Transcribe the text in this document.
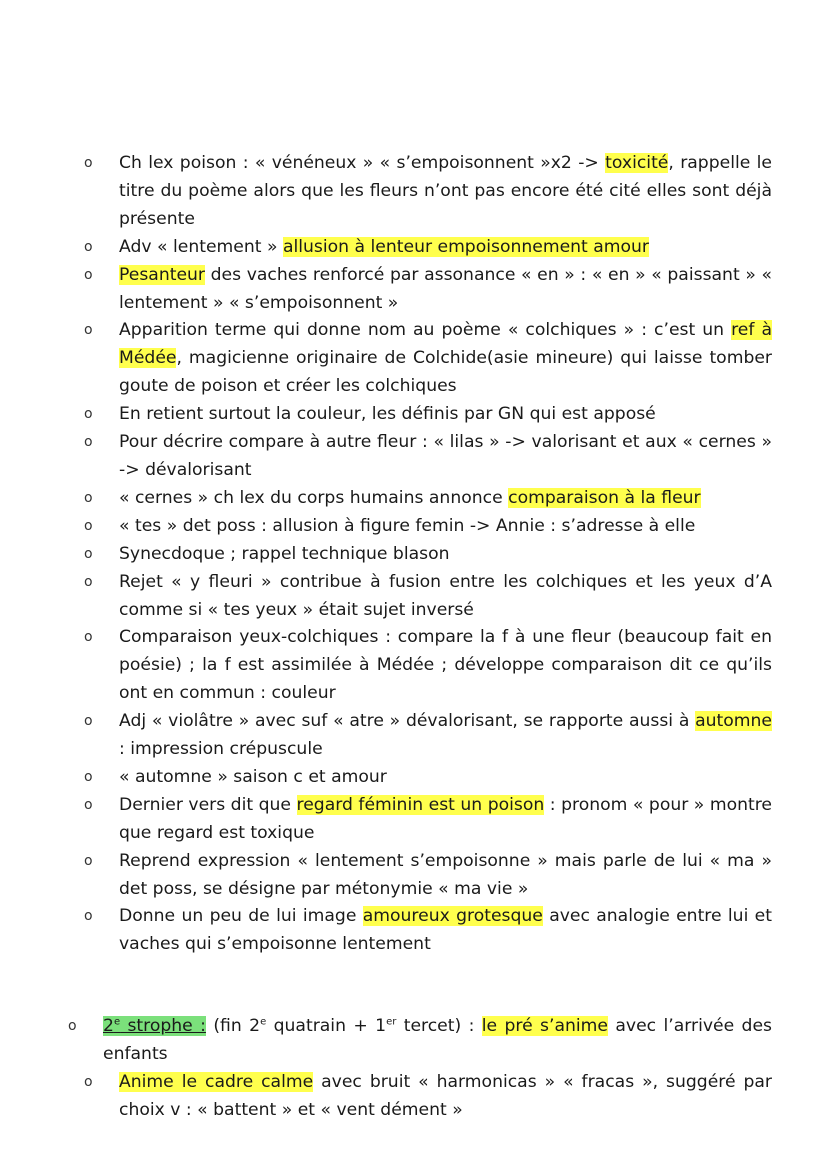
o Ch lex poison : « vénéneux » « s’empoisonnent »x2 -> toxicité, rappelle le titre du poème alors que les fleurs n’ont pas encore été cité elles sont déjà présente
o Adv « lentement » allusion à lenteur empoisonnement amour
o Pesanteur des vaches renforcé par assonance « en » : « en » « paissant » « lentement » « s’empoisonnent »
o Apparition terme qui donne nom au poème « colchiques » : c’est un ref à Médée, magicienne originaire de Colchide(asie mineure) qui laisse tomber goute de poison et créer les colchiques
o En retient surtout la couleur, les définis par GN qui est apposé
o Pour décrire compare à autre fleur : « lilas » -> valorisant et aux « cernes » -> dévalorisant
o « cernes » ch lex du corps humains annonce comparaison à la fleur
o « tes » det poss : allusion à figure femin -> Annie : s’adresse à elle
o Synecdoque ; rappel technique blason
o Rejet « y fleuri » contribue à fusion entre les colchiques et les yeux d’A comme si « tes yeux » était sujet inversé
o Comparaison yeux-colchiques : compare la f à une fleur (beaucoup fait en poésie) ; la f est assimilée à Médée ; développe comparaison dit ce qu’ils ont en commun : couleur
o Adj « violâtre » avec suf « atre » dévalorisant, se rapporte aussi à automne : impression crépuscule
o « automne » saison c et amour
o Dernier vers dit que regard féminin est un poison : pronom « pour » montre que regard est toxique
o Reprend expression « lentement s’empoisonne » mais parle de lui « ma » det poss, se désigne par métonymie « ma vie »
o Donne un peu de lui image amoureux grotesque avec analogie entre lui et vaches qui s’empoisonne lentement
o 2e strophe : (fin 2e quatrain + 1er tercet) : le pré s’anime avec l’arrivée des enfants
o Anime le cadre calme avec bruit « harmonicas » « fracas », suggéré par choix v : « battent » et « vent dément »
